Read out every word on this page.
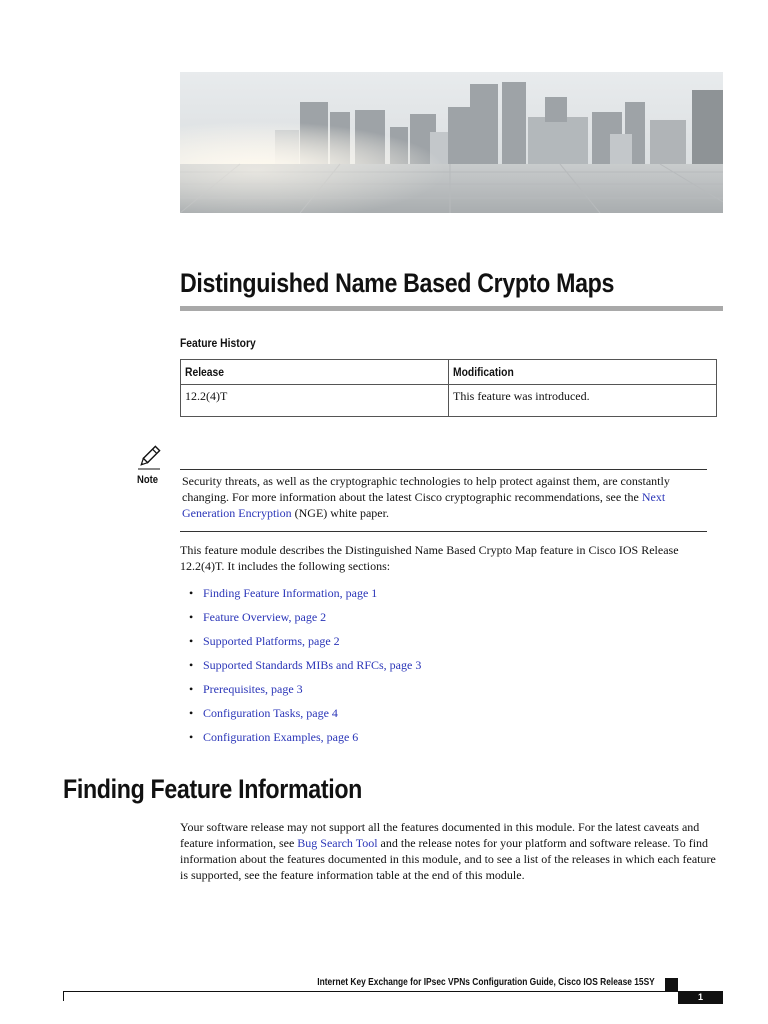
Distinguished Name Based Crypto Maps
Feature History
Release	Modification
12.2(4)T	This feature was introduced.
Note Security threats, as well as the cryptographic technologies to help protect against them, are constantly changing. For more information about the latest Cisco cryptographic recommendations, see the Next Generation Encryption (NGE) white paper.
This feature module describes the Distinguished Name Based Crypto Map feature in Cisco IOS Release 12.2(4)T. It includes the following sections:
• Finding Feature Information, page 1
• Feature Overview, page 2
• Supported Platforms, page 2
• Supported Standards MIBs and RFCs, page 3
• Prerequisites, page 3
• Configuration Tasks, page 4
• Configuration Examples, page 6
Finding Feature Information
Your software release may not support all the features documented in this module. For the latest caveats and feature information, see Bug Search Tool and the release notes for your platform and software release. To find information about the features documented in this module, and to see a list of the releases in which each feature is supported, see the feature information table at the end of this module.
Internet Key Exchange for IPsec VPNs Configuration Guide, Cisco IOS Release 15SY
1
